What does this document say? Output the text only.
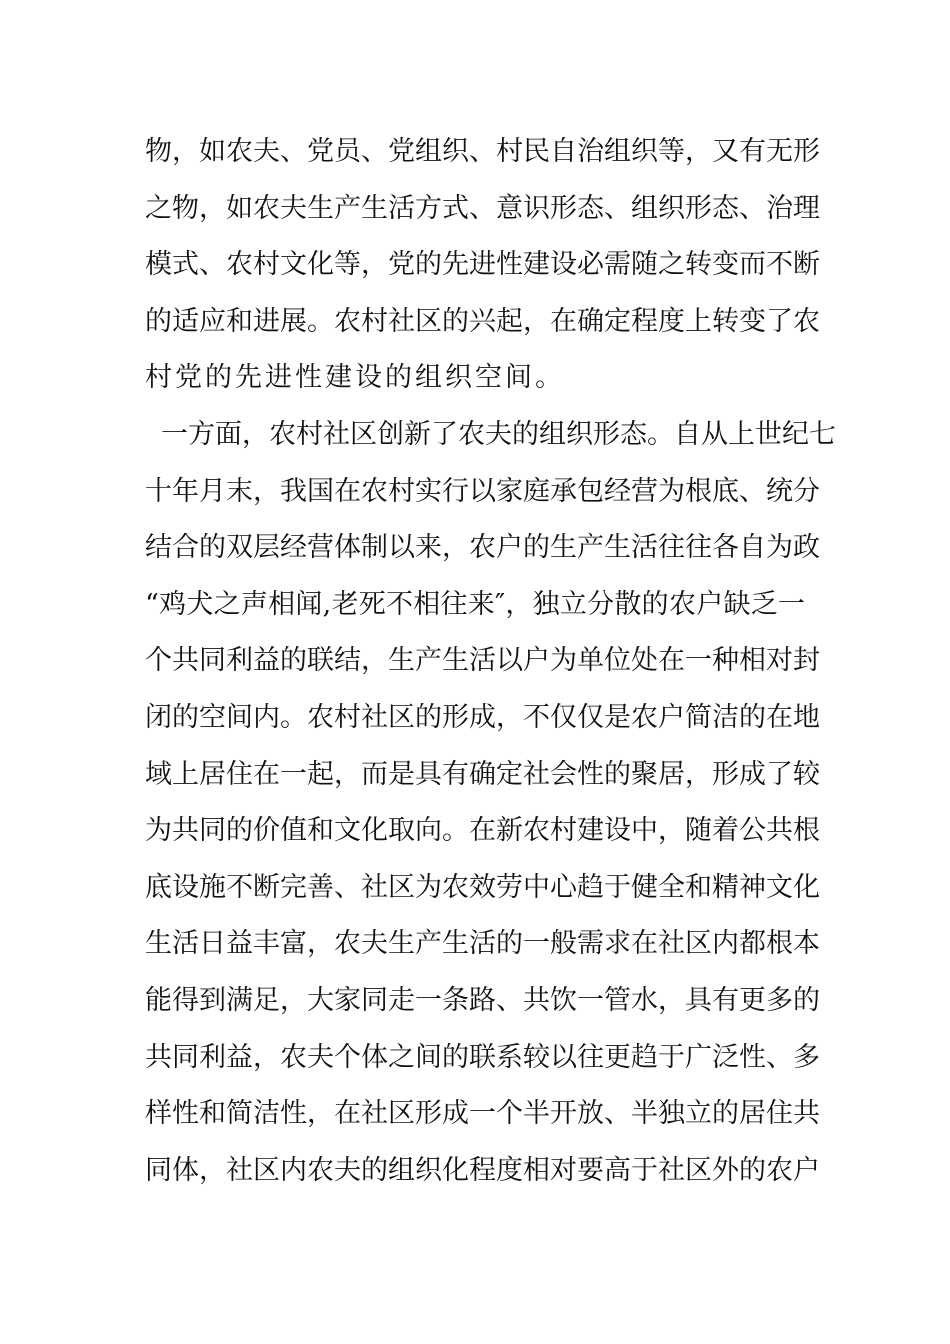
物，如农夫、党员、党组织、村民自治组织等，又有无形
之物，如农夫生产生活方式、意识形态、组织形态、治理
模式、农村文化等，党的先进性建设必需随之转变而不断
的适应和进展。农村社区的兴起，在确定程度上转变了农
村党的先进性建设的组织空间。
一方面，农村社区创新了农夫的组织形态。自从上世纪七
十年月末，我国在农村实行以家庭承包经营为根底、统分
结合的双层经营体制以来，农户的生产生活往往各自为政
“鸡犬之声相闻,老死不相往来″，独立分散的农户缺乏一
个共同利益的联结，生产生活以户为单位处在一种相对封
闭的空间内。农村社区的形成，不仅仅是农户简洁的在地
域上居住在一起，而是具有确定社会性的聚居，形成了较
为共同的价值和文化取向。在新农村建设中，随着公共根
底设施不断完善、社区为农效劳中心趋于健全和精神文化
生活日益丰富，农夫生产生活的一般需求在社区内都根本
能得到满足，大家同走一条路、共饮一管水，具有更多的
共同利益，农夫个体之间的联系较以往更趋于广泛性、多
样性和简洁性，在社区形成一个半开放、半独立的居住共
同体，社区内农夫的组织化程度相对要高于社区外的农户
